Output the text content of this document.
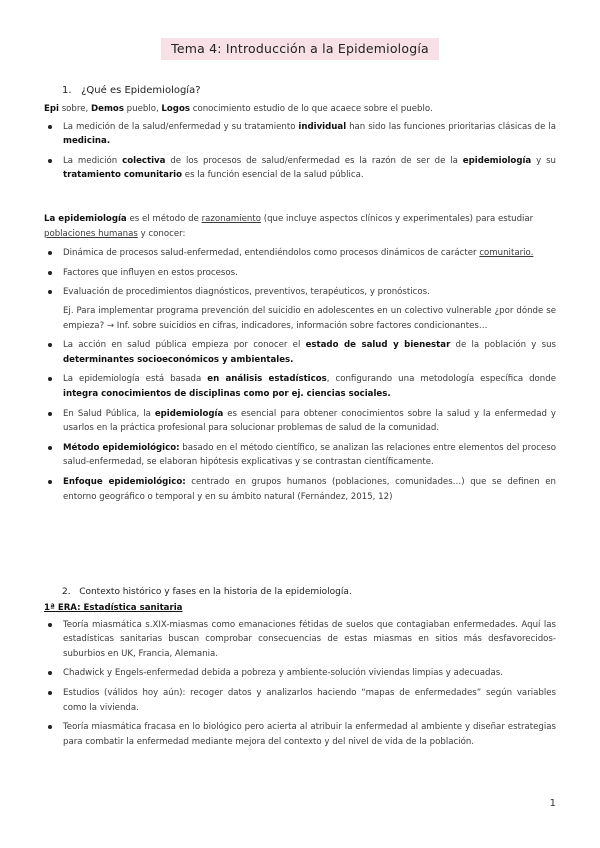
Tema 4: Introducción a la Epidemiología
1. ¿Qué es Epidemiología?

Epi sobre, Demos pueblo, Logos conocimiento estudio de lo que acaece sobre el pueblo.

La medición de la salud/enfermedad y su tratamiento individual han sido las funciones prioritarias clásicas de la medicina.
La medición colectiva de los procesos de salud/enfermedad es la razón de ser de la epidemiología y su tratamiento comunitario es la función esencial de la salud pública.

La epidemiología es el método de razonamiento (que incluye aspectos clínicos y experimentales) para estudiar poblaciones humanas y conocer:

Dinámica de procesos salud-enfermedad, entendiéndolos como procesos dinámicos de carácter comunitario.
Factores que influyen en estos procesos.
Evaluación de procedimientos diagnósticos, preventivos, terapéuticos, y pronósticos.
Ej. Para implementar programa prevención del suicidio en adolescentes en un colectivo vulnerable ¿por dónde se empieza? → Inf. sobre suicidios en cifras, indicadores, información sobre factores condicionantes…
La acción en salud pública empieza por conocer el estado de salud y bienestar de la población y sus determinantes socioeconómicos y ambientales.
La epidemiología está basada en análisis estadísticos, configurando una metodología específica donde integra conocimientos de disciplinas como por ej. ciencias sociales.
En Salud Pública, la epidemiología es esencial para obtener conocimientos sobre la salud y la enfermedad y usarlos en la práctica profesional para solucionar problemas de salud de la comunidad.
Método epidemiológico: basado en el método científico, se analizan las relaciones entre elementos del proceso salud-enfermedad, se elaboran hipótesis explicativas y se contrastan científicamente.
Enfoque epidemiológico: centrado en grupos humanos (poblaciones, comunidades…) que se definen en entorno geográfico o temporal y en su ámbito natural (Fernández, 2015, 12)
2. Contexto histórico y fases en la historia de la epidemiología.

1ª ERA: Estadística sanitaria

Teoría miasmática s.XIX-miasmas como emanaciones fétidas de suelos que contagiaban enfermedades. Aquí las estadísticas sanitarias buscan comprobar consecuencias de estas miasmas en sitios más desfavorecidos-suburbios en UK, Francia, Alemania.
Chadwick y Engels-enfermedad debida a pobreza y ambiente-solución viviendas limpias y adecuadas.
Estudios (válidos hoy aún): recoger datos y analizarlos haciendo “mapas de enfermedades” según variables como la vivienda.
Teoría miasmática fracasa en lo biológico pero acierta al atribuir la enfermedad al ambiente y diseñar estrategias para combatir la enfermedad mediante mejora del contexto y del nivel de vida de la población.
1
